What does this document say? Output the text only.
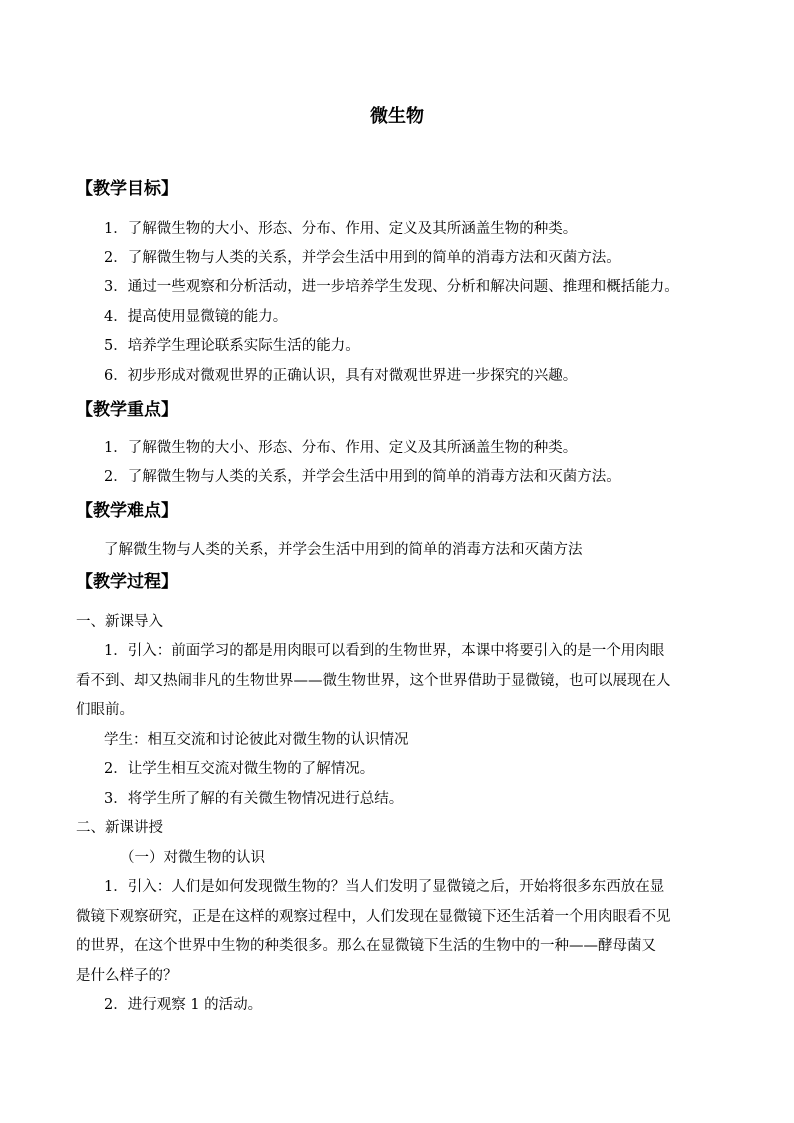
微生物
【教学目标】
1．了解微生物的大小、形态、分布、作用、定义及其所涵盖生物的种类。
2．了解微生物与人类的关系，并学会生活中用到的简单的消毒方法和灭菌方法。
3．通过一些观察和分析活动，进一步培养学生发现、分析和解决问题、推理和概括能力。
4．提高使用显微镜的能力。
5．培养学生理论联系实际生活的能力。
6．初步形成对微观世界的正确认识，具有对微观世界进一步探究的兴趣。
【教学重点】
1．了解微生物的大小、形态、分布、作用、定义及其所涵盖生物的种类。
2．了解微生物与人类的关系，并学会生活中用到的简单的消毒方法和灭菌方法。
【教学难点】
了解微生物与人类的关系，并学会生活中用到的简单的消毒方法和灭菌方法
【教学过程】
一、新课导入
1．引入：前面学习的都是用肉眼可以看到的生物世界，本课中将要引入的是一个用肉眼
看不到、却又热闹非凡的生物世界——微生物世界，这个世界借助于显微镜，也可以展现在人
们眼前。
学生：相互交流和讨论彼此对微生物的认识情况
2．让学生相互交流对微生物的了解情况。
3．将学生所了解的有关微生物情况进行总结。
二、新课讲授
（一）对微生物的认识
1．引入：人们是如何发现微生物的？当人们发明了显微镜之后，开始将很多东西放在显
微镜下观察研究，正是在这样的观察过程中，人们发现在显微镜下还生活着一个用肉眼看不见
的世界，在这个世界中生物的种类很多。那么在显微镜下生活的生物中的一种——酵母菌又
是什么样子的？
2．进行观察 1 的活动。
